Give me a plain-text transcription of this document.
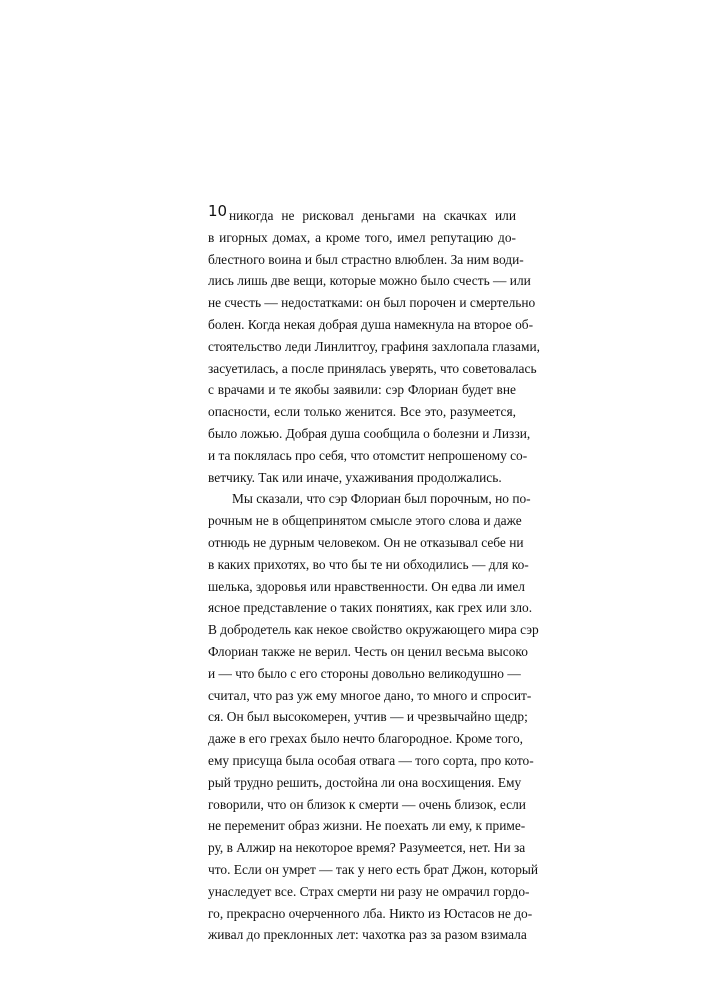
10 никогда не рисковал деньгами на скачках или
в игорных домах, а кроме того, имел репутацию до-
блестного воина и был страстно влюблен. За ним води-
лись лишь две вещи, которые можно было счесть — или
не счесть — недостатками: он был порочен и смертельно
болен. Когда некая добрая душа намекнула на второе об-
стоятельство леди Линлитгоу, графиня захлопала глазами,
засуетилась, а после принялась уверять, что советовалась
с врачами и те якобы заявили: сэр Флориан будет вне
опасности, если только женится. Все это, разумеется,
было ложью. Добрая душа сообщила о болезни и Лиззи,
и та поклялась про себя, что отомстит непрошеному со-
ветчику. Так или иначе, ухаживания продолжались.
Мы сказали, что сэр Флориан был порочным, но по-
рочным не в общепринятом смысле этого слова и даже
отнюдь не дурным человеком. Он не отказывал себе ни
в каких прихотях, во что бы те ни обходились — для ко-
шелька, здоровья или нравственности. Он едва ли имел
ясное представление о таких понятиях, как грех или зло.
В добродетель как некое свойство окружающего мира сэр
Флориан также не верил. Честь он ценил весьма высоко
и — что было с его стороны довольно великодушно —
считал, что раз уж ему многое дано, то много и спросит-
ся. Он был высокомерен, учтив — и чрезвычайно щедр;
даже в его грехах было нечто благородное. Кроме того,
ему присуща была особая отвага — того сорта, про кото-
рый трудно решить, достойна ли она восхищения. Ему
говорили, что он близок к смерти — очень близок, если
не переменит образ жизни. Не поехать ли ему, к приме-
ру, в Алжир на некоторое время? Разумеется, нет. Ни за
что. Если он умрет — так у него есть брат Джон, который
унаследует все. Страх смерти ни разу не омрачил гордо-
го, прекрасно очерченного лба. Никто из Юстасов не до-
живал до преклонных лет: чахотка раз за разом взимала
